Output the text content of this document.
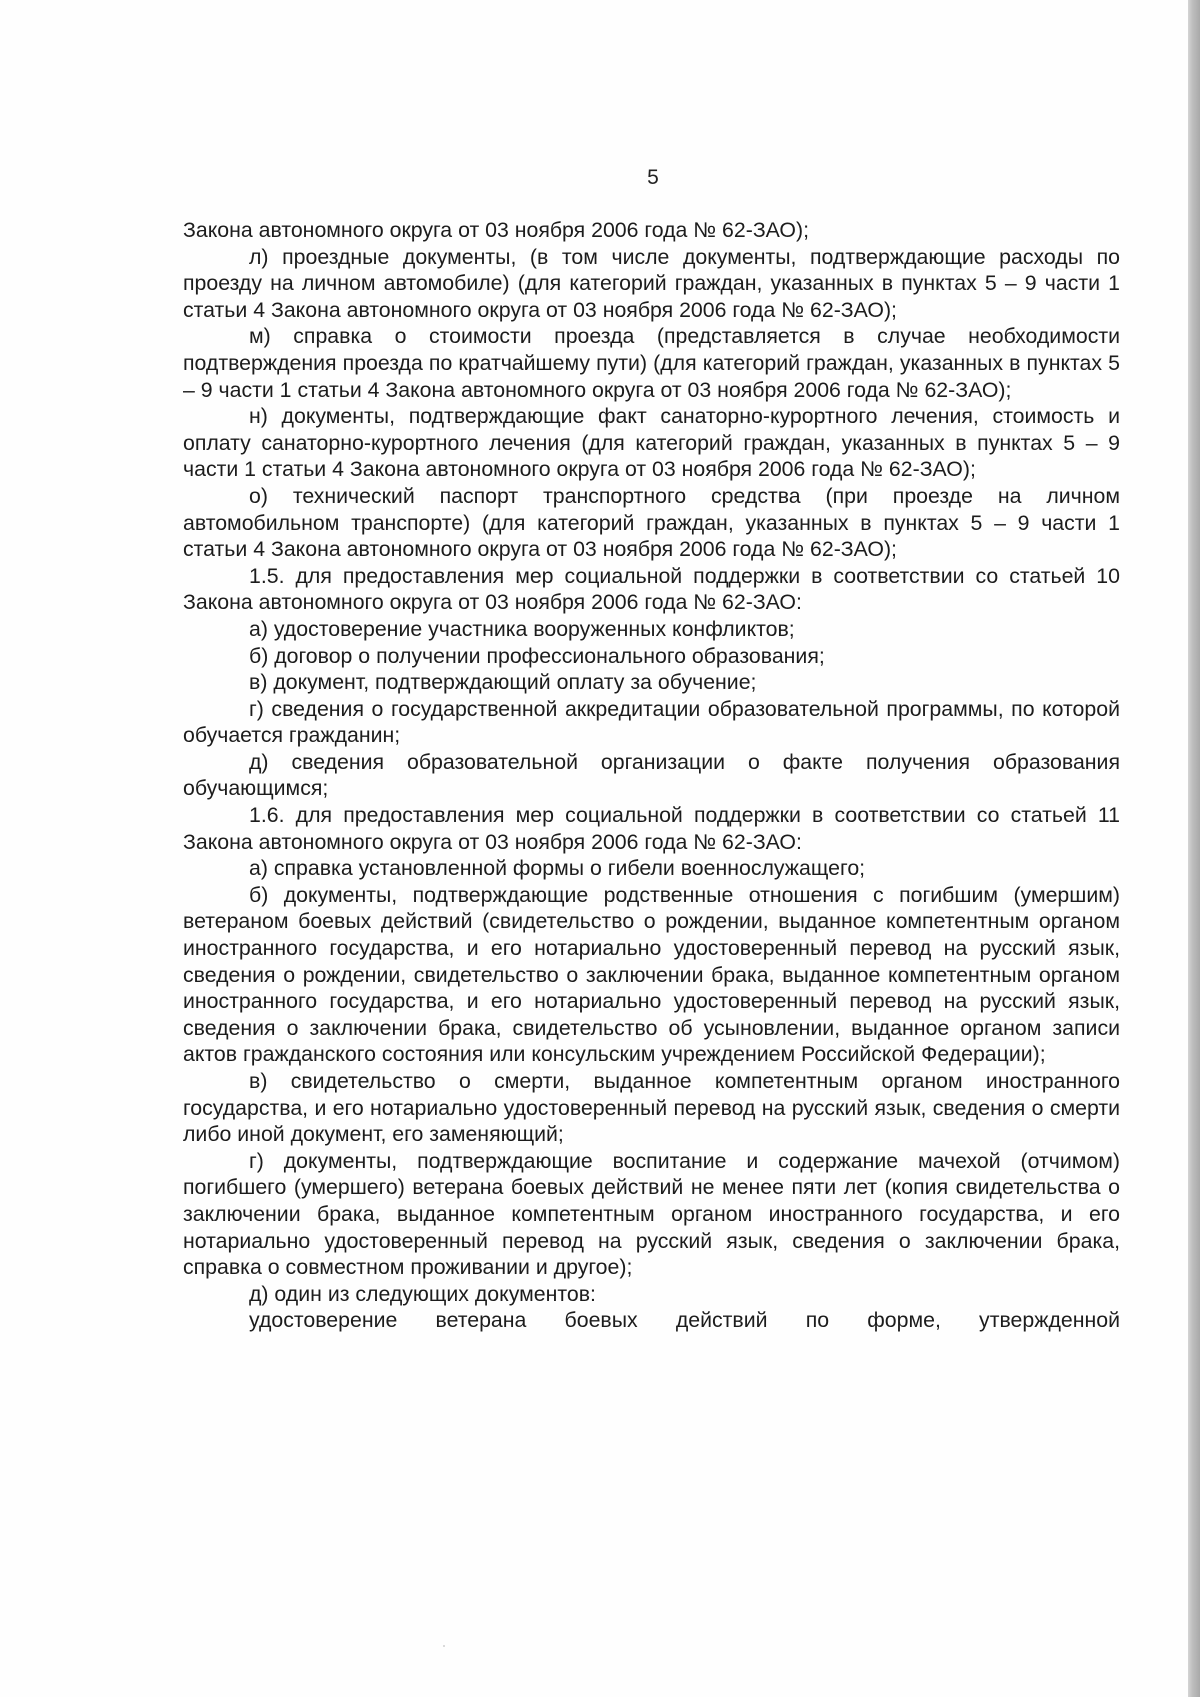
5

Закона автономного округа от 03 ноября 2006 года № 62-ЗАО);

л) проездные документы, (в том числе документы, подтверждающие расходы по проезду на личном автомобиле) (для категорий граждан, указанных в пунктах 5 – 9 части 1 статьи 4 Закона автономного округа от 03 ноября 2006 года № 62-ЗАО);

м) справка о стоимости проезда (представляется в случае необходимости подтверждения проезда по кратчайшему пути) (для категорий граждан, указанных в пунктах 5 – 9 части 1 статьи 4 Закона автономного округа от 03 ноября 2006 года № 62-ЗАО);

н) документы, подтверждающие факт санаторно-курортного лечения, стоимость и оплату санаторно-курортного лечения (для категорий граждан, указанных в пунктах 5 – 9 части 1 статьи 4 Закона автономного округа от 03 ноября 2006 года № 62-ЗАО);

о) технический паспорт транспортного средства (при проезде на личном автомобильном транспорте) (для категорий граждан, указанных в пунктах 5 – 9 части 1 статьи 4 Закона автономного округа от 03 ноября 2006 года № 62-ЗАО);

1.5. для предоставления мер социальной поддержки в соответствии со статьей 10 Закона автономного округа от 03 ноября 2006 года № 62-ЗАО:

а) удостоверение участника вооруженных конфликтов;

б) договор о получении профессионального образования;

в) документ, подтверждающий оплату за обучение;

г) сведения о государственной аккредитации образовательной программы, по которой обучается гражданин;

д) сведения образовательной организации о факте получения образования обучающимся;

1.6. для предоставления мер социальной поддержки в соответствии со статьей 11 Закона автономного округа от 03 ноября 2006 года № 62-ЗАО:

а) справка установленной формы о гибели военнослужащего;

б) документы, подтверждающие родственные отношения с погибшим (умершим) ветераном боевых действий (свидетельство о рождении, выданное компетентным органом иностранного государства, и его нотариально удостоверенный перевод на русский язык, сведения о рождении, свидетельство о заключении брака, выданное компетентным органом иностранного государства, и его нотариально удостоверенный перевод на русский язык, сведения о заключении брака, свидетельство об усыновлении, выданное органом записи актов гражданского состояния или консульским учреждением Российской Федерации);

в) свидетельство о смерти, выданное компетентным органом иностранного государства, и его нотариально удостоверенный перевод на русский язык, сведения о смерти либо иной документ, его заменяющий;

г) документы, подтверждающие воспитание и содержание мачехой (отчимом) погибшего (умершего) ветерана боевых действий не менее пяти лет (копия свидетельства о заключении брака, выданное компетентным органом иностранного государства, и его нотариально удостоверенный перевод на русский язык, сведения о заключении брака, справка о совместном проживании и другое);

д) один из следующих документов:

удостоверение ветерана боевых действий по форме, утвержденной
